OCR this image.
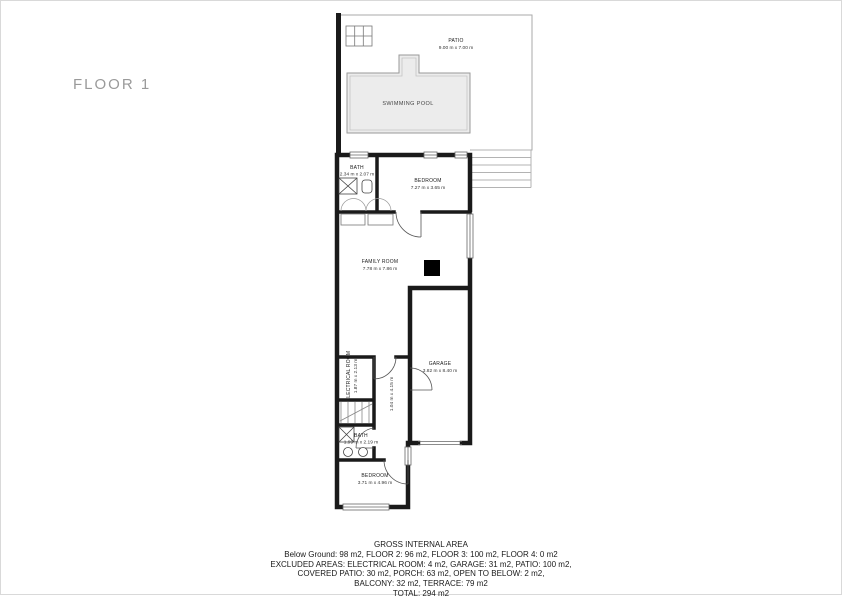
FLOOR 1
SWIMMING POOL
PATIO
9.00 m x 7.00 m
BATH
2.34 m x 2.07 m
BEDROOM
7.27 m x 3.65 m
FAMILY ROOM
7.78 m x 7.86 m
GARAGE
3.82 m x 8.40 m
ELECTRICAL ROOM 1.87 m x 2.13 m
1.04 m x 4.15 m
BATH
1.99 m x 2.19 m
BEDROOM
3.71 m x 4.96 m
GROSS INTERNAL AREA
Below Ground: 98 m2, FLOOR 2: 96 m2, FLOOR 3: 100 m2, FLOOR 4: 0 m2
EXCLUDED AREAS: ELECTRICAL ROOM: 4 m2, GARAGE: 31 m2, PATIO: 100 m2,
COVERED PATIO: 30 m2, PORCH: 63 m2, OPEN TO BELOW: 2 m2,
BALCONY: 32 m2, TERRACE: 79 m2
TOTAL: 294 m2
